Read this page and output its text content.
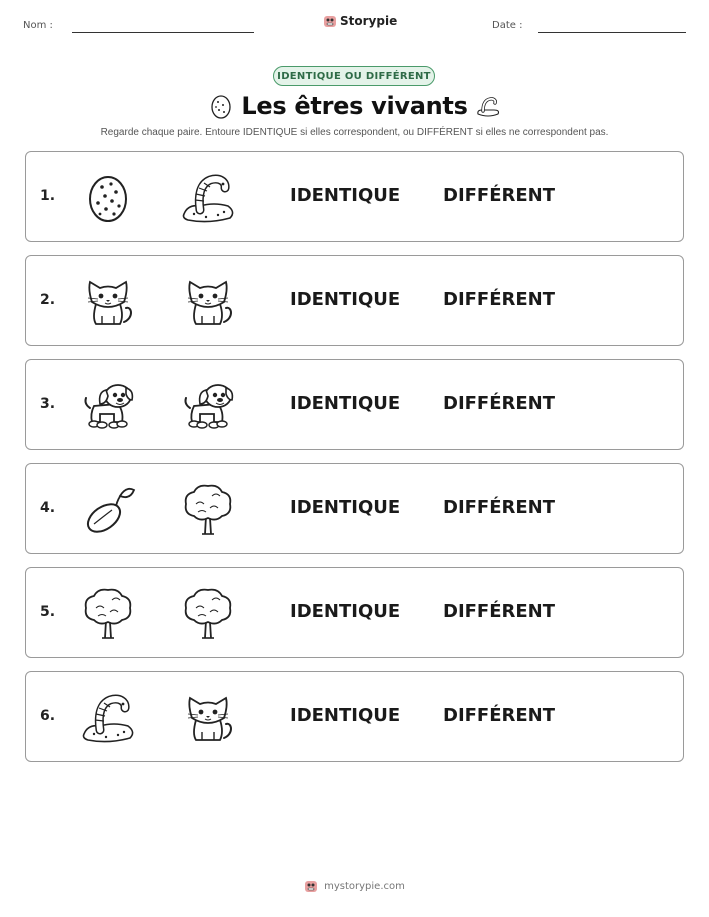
Nom :	Storypie	Date :
IDENTIQUE OU DIFFÉRENT
Les êtres vivants
Regarde chaque paire. Entoure IDENTIQUE si elles correspondent, ou DIFFÉRENT si elles ne correspondent pas.
1.	IDENTIQUE DIFFÉRENT
2.	IDENTIQUE DIFFÉRENT
3.	IDENTIQUE DIFFÉRENT
4.	IDENTIQUE DIFFÉRENT
5.	IDENTIQUE DIFFÉRENT
6.	IDENTIQUE DIFFÉRENT
mystorypie.com
